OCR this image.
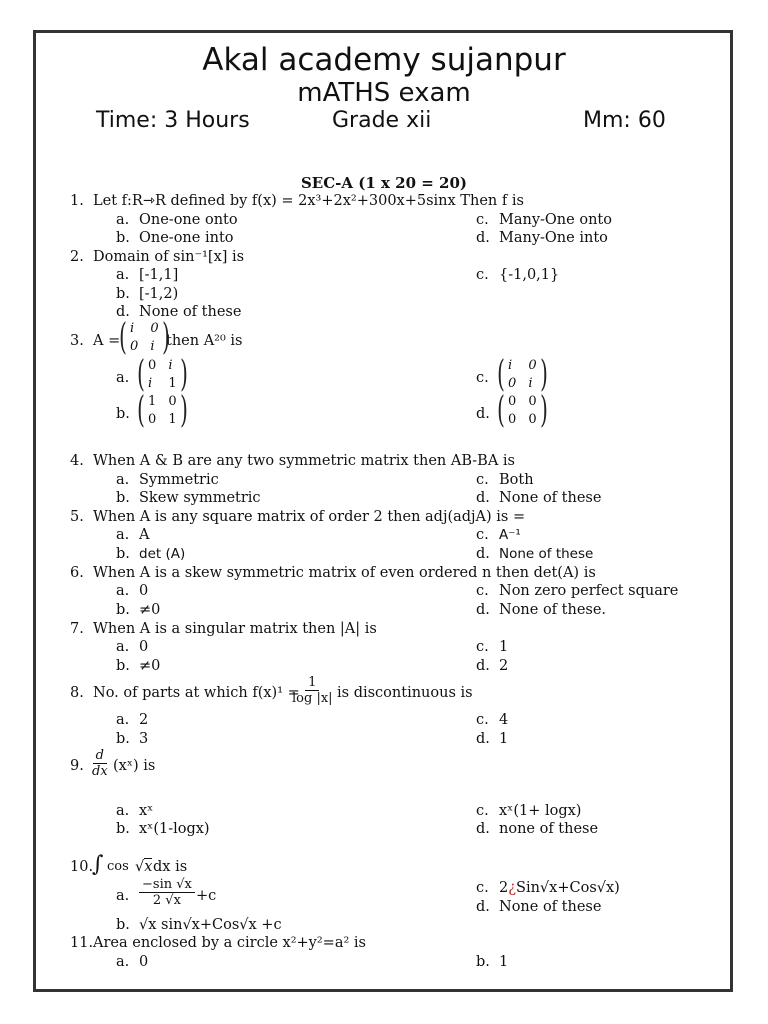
Akal academy sujanpur
mATHS exam
Time: 3 Hours	Grade xii	Mm: 60
SEC-A (1 x 20 = 20)
1. Let f:R⇾R defined by f(x) = 2x³+2x²+300x+5sinx Then f is
a. One-one onto
b. One-one into
c. Many-One onto
d. Many-One into
2. Domain of sin⁻¹[x] is
a. [-1,1]
b. [-1,2)
c. {-1,0,1}
d. None of these
3. A =
( i	0
0 i )
then A²⁰ is
a. ( 0 i
i	1 )
b. ( 1 0
0 1 )
c. ( i	0
0 i )
d. ( 0 0
0 0 )
4. When A & B are any two symmetric matrix then AB-BA is
a. Symmetric
b. Skew symmetric
c. Both
d. None of these
5. When A is any square matrix of order 2 then adj(adjA) is =
a. A
b. det (A)
c. A⁻¹
d. None of these
6. When A is a skew symmetric matrix of even ordered n then det(A) is
a. 0
b. ≠0
c. Non zero perfect square
d. None of these.
7. When A is a singular matrix then |A| is
a. 0
b. ≠0
c. 1
d. 2
8. No. of parts at which f(x)¹ =
$\frac{1}{\log |x|}$ is discontinuous is
a. 2
b. 3
c. 4
d. 1
9. $\frac{d}{dx}$ (xˣ) is
a. xˣ
b. xˣ(1-logx)
c. xˣ(1+ logx)
d. none of these
10.
∫ cos √x dx is
a. $\frac{-\sin √x}{2 √x} +c$
b. √x sin√x+Cos√x +c
c. 2¿Sin√x+Cos√x)
d. None of these
11. Area enclosed by a circle x²+y²=a² is
a. 0	b. 1
